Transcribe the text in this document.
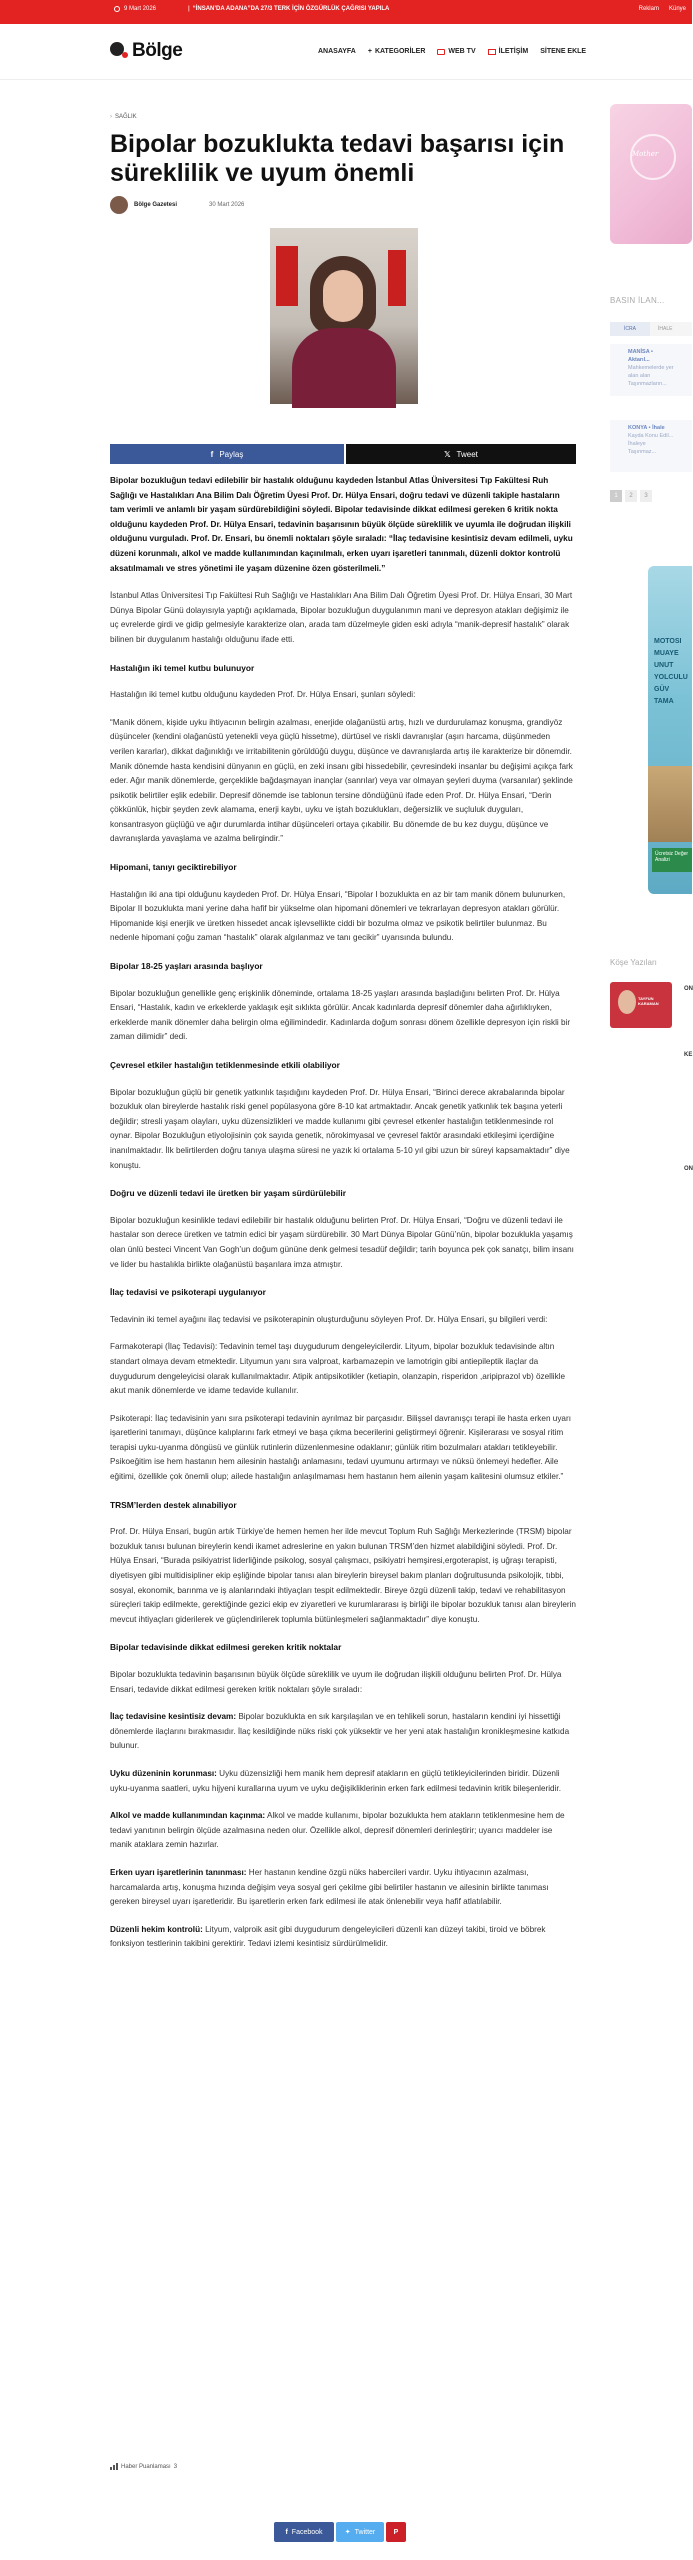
9 Mart 2026	| “İNSAN’DA ADANA”DA 27/3 TERK İÇİN ÖZGÜRLÜK ÇAĞRISI YAPILA	Reklam Künye
Bölge	ANASAYFA + KATEGORİLER	WEB TV	İLETİŞİM SİTENE EKLE
› SAĞLIK
Bipolar bozuklukta tedavi başarısı için süreklilik ve uyum önemli
Bölge Gazetesi	30 Mart 2026
f Paylaş	𝕏 Tweet

Bipolar bozukluğun tedavi edilebilir bir hastalık olduğunu kaydeden İstanbul Atlas Üniversitesi Tıp Fakültesi Ruh Sağlığı ve Hastalıkları Ana Bilim Dalı Öğretim Üyesi Prof. Dr. Hülya Ensari, doğru tedavi ve düzenli takiple hastaların tam verimli ve anlamlı bir yaşam sürdürebildiğini söyledi. Bipolar tedavisinde dikkat edilmesi gereken 6 kritik nokta olduğunu kaydeden Prof. Dr. Hülya Ensari, tedavinin başarısının büyük ölçüde süreklilik ve uyumla ile doğrudan ilişkili olduğunu vurguladı. Prof. Dr. Ensari, bu önemli noktaları şöyle sıraladı: “İlaç tedavisine kesintisiz devam edilmeli, uyku düzeni korunmalı, alkol ve madde kullanımından kaçınılmalı, erken uyarı işaretleri tanınmalı, düzenli doktor kontrolü aksatılmamalı ve stres yönetimi ile yaşam düzenine özen gösterilmeli.”

İstanbul Atlas Üniversitesi Tıp Fakültesi Ruh Sağlığı ve Hastalıkları Ana Bilim Dalı Öğretim Üyesi Prof. Dr. Hülya Ensari, 30 Mart Dünya Bipolar Günü dolayısıyla yaptığı açıklamada, Bipolar bozukluğun duygulanımın mani ve depresyon atakları değişimiz ile uç evrelerde girdi ve gidip gelmesiyle karakterize olan, arada tam düzelmeyle giden eski adıyla “manik-depresif hastalık” olarak bilinen bir duygulanım hastalığı olduğunu ifade etti.

Hastalığın iki temel kutbu bulunuyor

Hastalığın iki temel kutbu olduğunu kaydeden Prof. Dr. Hülya Ensari, şunları söyledi:

“Manik dönem, kişide uyku ihtiyacının belirgin azalması, enerjide olağanüstü artış, hızlı ve durdurulamaz konuşma, grandiyöz düşünceler (kendini olağanüstü yetenekli veya güçlü hissetme), dürtüsel ve riskli davranışlar (aşırı harcama, düşünmeden verilen kararlar), dikkat dağınıklığı ve irritabilitenin görüldüğü duygu, düşünce ve davranışlarda artış ile karakterize bir dönemdir. Manik dönemde hasta kendisini dünyanın en güçlü, en zeki insanı gibi hissedebilir, çevresindeki insanlar bu değişimi açıkça fark eder. Ağır manik dönemlerde, gerçeklikle bağdaşmayan inançlar (sanrılar) veya var olmayan şeyleri duyma (varsanılar) şeklinde psikotik belirtiler eşlik edebilir. Depresif dönemde ise tablonun tersine döndüğünü ifade eden Prof. Dr. Hülya Ensari, “Derin çökkünlük, hiçbir şeyden zevk alamama, enerji kaybı, uyku ve iştah bozuklukları, değersizlik ve suçluluk duyguları, konsantrasyon güçlüğü ve ağır durumlarda intihar düşünceleri ortaya çıkabilir. Bu dönemde de bu kez duygu, düşünce ve davranışlarda yavaşlama ve azalma belirgindir.”

Hipomani, tanıyı geciktirebiliyor

Hastalığın iki ana tipi olduğunu kaydeden Prof. Dr. Hülya Ensari, “Bipolar I bozuklukta en az bir tam manik dönem bulunurken, Bipolar II bozuklukta mani yerine daha hafif bir yükselme olan hipomani dönemleri ve tekrarlayan depresyon atakları görülür. Hipomanide kişi enerjik ve üretken hissedet ancak işlevsellikte ciddi bir bozulma olmaz ve psikotik belirtiler bulunmaz. Bu nedenle hipomani çoğu zaman “hastalık” olarak algılanmaz ve tanı gecikir” uyarısında bulundu.

Bipolar 18-25 yaşları arasında başlıyor

Bipolar bozukluğun genellikle genç erişkinlik döneminde, ortalama 18-25 yaşları arasında başladığını belirten Prof. Dr. Hülya Ensari, “Hastalık, kadın ve erkeklerde yaklaşık eşit sıklıkta görülür. Ancak kadınlarda depresif dönemler daha ağırlıklıyken, erkeklerde manik dönemler daha belirgin olma eğilimindedir. Kadınlarda doğum sonrası dönem özellikle depresyon için riskli bir zaman dilimidir” dedi.

Çevresel etkiler hastalığın tetiklenmesinde etkili olabiliyor

Bipolar bozukluğun güçlü bir genetik yatkınlık taşıdığını kaydeden Prof. Dr. Hülya Ensari, “Birinci derece akrabalarında bipolar bozukluk olan bireylerde hastalık riski genel popülasyona göre 8-10 kat artmaktadır. Ancak genetik yatkınlık tek başına yeterli değildir; stresli yaşam olayları, uyku düzensizlikleri ve madde kullanımı gibi çevresel etkenler hastalığın tetiklenmesinde rol oynar. Bipolar Bozukluğun etiyolojisinin çok sayıda genetik, nörokimyasal ve çevresel faktör arasındaki etkileşimi içerdiğine inanılmaktadır. İlk belirtilerden doğru tanıya ulaşma süresi ne yazık ki ortalama 5-10 yıl gibi uzun bir süreyi kapsamaktadır” diye konuştu.

Doğru ve düzenli tedavi ile üretken bir yaşam sürdürülebilir

Bipolar bozukluğun kesinlikle tedavi edilebilir bir hastalık olduğunu belirten Prof. Dr. Hülya Ensari, “Doğru ve düzenli tedavi ile hastalar son derece üretken ve tatmin edici bir yaşam sürdürebilir. 30 Mart Dünya Bipolar Günü’nün, bipolar bozuklukla yaşamış olan ünlü besteci Vincent Van Gogh’un doğum gününe denk gelmesi tesadüf değildir; tarih boyunca pek çok sanatçı, bilim insanı ve lider bu hastalıkla birlikte olağanüstü başarılara imza atmıştır.

İlaç tedavisi ve psikoterapi uygulanıyor

Tedavinin iki temel ayağını ilaç tedavisi ve psikoterapinin oluşturduğunu söyleyen Prof. Dr. Hülya Ensari, şu bilgileri verdi:

Farmakoterapi (İlaç Tedavisi): Tedavinin temel taşı duygudurum dengeleyicilerdir. Lityum, bipolar bozukluk tedavisinde altın standart olmaya devam etmektedir. Lityumun yanı sıra valproat, karbamazepin ve lamotrigin gibi antiepileptik ilaçlar da duygudurum dengeleyicisi olarak kullanılmaktadır. Atipik antipsikotikler (ketiapin, olanzapin, risperidon ,aripiprazol vb) özellikle akut manik dönemlerde ve idame tedavide kullanılır.

Psikoterapi: İlaç tedavisinin yanı sıra psikoterapi tedavinin ayrılmaz bir parçasıdır. Bilişsel davranışçı terapi ile hasta erken uyarı işaretlerini tanımayı, düşünce kalıplarını fark etmeyi ve başa çıkma becerilerini geliştirmeyi öğrenir. Kişilerarası ve sosyal ritim terapisi uyku-uyanma döngüsü ve günlük rutinlerin düzenlenmesine odaklanır; günlük ritim bozulmaları atakları tetikleyebilir. Psikoeğitim ise hem hastanın hem ailesinin hastalığı anlamasını, tedavi uyumunu artırmayı ve nüksü önlemeyi hedefler. Aile eğitimi, özellikle çok önemli olup; ailede hastalığın anlaşılmaması hem hastanın hem ailenin yaşam kalitesini olumsuz etkiler.”

TRSM’lerden destek alınabiliyor

Prof. Dr. Hülya Ensari, bugün artık Türkiye’de hemen hemen her ilde mevcut Toplum Ruh Sağlığı Merkezlerinde (TRSM) bipolar bozukluk tanısı bulunan bireylerin kendi ikamet adreslerine en yakın bulunan TRSM’den hizmet alabildiğini söyledi. Prof. Dr. Hülya Ensari, “Burada psikiyatrist liderliğinde psikolog, sosyal çalışmacı, psikiyatri hemşiresi,ergoterapist, iş uğraşı terapisti, diyetisyen gibi multidisipliner ekip eşliğinde bipolar tanısı alan bireylerin bireysel bakım planları doğrultusunda psikolojik, tıbbi, sosyal, ekonomik, barınma ve iş alanlarındaki ihtiyaçları tespit edilmektedir. Bireye özgü düzenli takip, tedavi ve rehabilitasyon süreçleri takip edilmekte, gerektiğinde gezici ekip ev ziyaretleri ve kurumlararası iş birliği ile bipolar bozukluk tanısı alan bireylerin mevcut ihtiyaçları giderilerek ve güçlendirilerek toplumla bütünleşmeleri sağlanmaktadır” diye konuştu.

Bipolar tedavisinde dikkat edilmesi gereken kritik noktalar

Bipolar bozuklukta tedavinin başarısının büyük ölçüde süreklilik ve uyum ile doğrudan ilişkili olduğunu belirten Prof. Dr. Hülya Ensari, tedavide dikkat edilmesi gereken kritik noktaları şöyle sıraladı:

İlaç tedavisine kesintisiz devam: Bipolar bozuklukta en sık karşılaşılan ve en tehlikeli sorun, hastaların kendini iyi hissettiği dönemlerde ilaçlarını bırakmasıdır. İlaç kesildiğinde nüks riski çok yüksektir ve her yeni atak hastalığın kronikleşmesine katkıda bulunur.

Uyku düzeninin korunması: Uyku düzensizliği hem manik hem depresif atakların en güçlü tetikleyicilerinden biridir. Düzenli uyku-uyanma saatleri, uyku hijyeni kurallarına uyum ve uyku değişikliklerinin erken fark edilmesi tedavinin kritik bileşenleridir.

Alkol ve madde kullanımından kaçınma: Alkol ve madde kullanımı, bipolar bozuklukta hem atakların tetiklenmesine hem de tedavi yanıtının belirgin ölçüde azalmasına neden olur. Özellikle alkol, depresif dönemleri derinleştirir; uyarıcı maddeler ise manik ataklara zemin hazırlar.

Erken uyarı işaretlerinin tanınması: Her hastanın kendine özgü nüks habercileri vardır. Uyku ihtiyacının azalması, harcamalarda artış, konuşma hızında değişim veya sosyal geri çekilme gibi belirtiler hastanın ve ailesinin birlikte tanıması gereken bireysel uyarı işaretleridir. Bu işaretlerin erken fark edilmesi ile atak önlenebilir veya hafif atlatılabilir.

Düzenli hekim kontrolü: Lityum, valproik asit gibi duygudurum dengeleyicileri düzenli kan düzeyi takibi, tiroid ve böbrek fonksiyon testlerinin takibini gerektirir. Tedavi izlemi kesintisiz sürdürülmelidir.

Haber Puanlaması 3
f Facebook	✦ Twitter	P
Mother
BASIN İLAN...
İCRA	İHALE
MANİSA • Aktarıl...
Mahkemelerde yer alan alan Taşınmazların...
KONYA • İhale
Kayda Konu Edil... İhaleye Taşınmaz...
1	2	3
MOTOSI
MUAYE
UNUT
YOLCULU
GÜV
TAMA
Ücretsiz Değer Analizi
Köşe Yazıları
TAYFUN KARAMAN
ON
KE
ON
